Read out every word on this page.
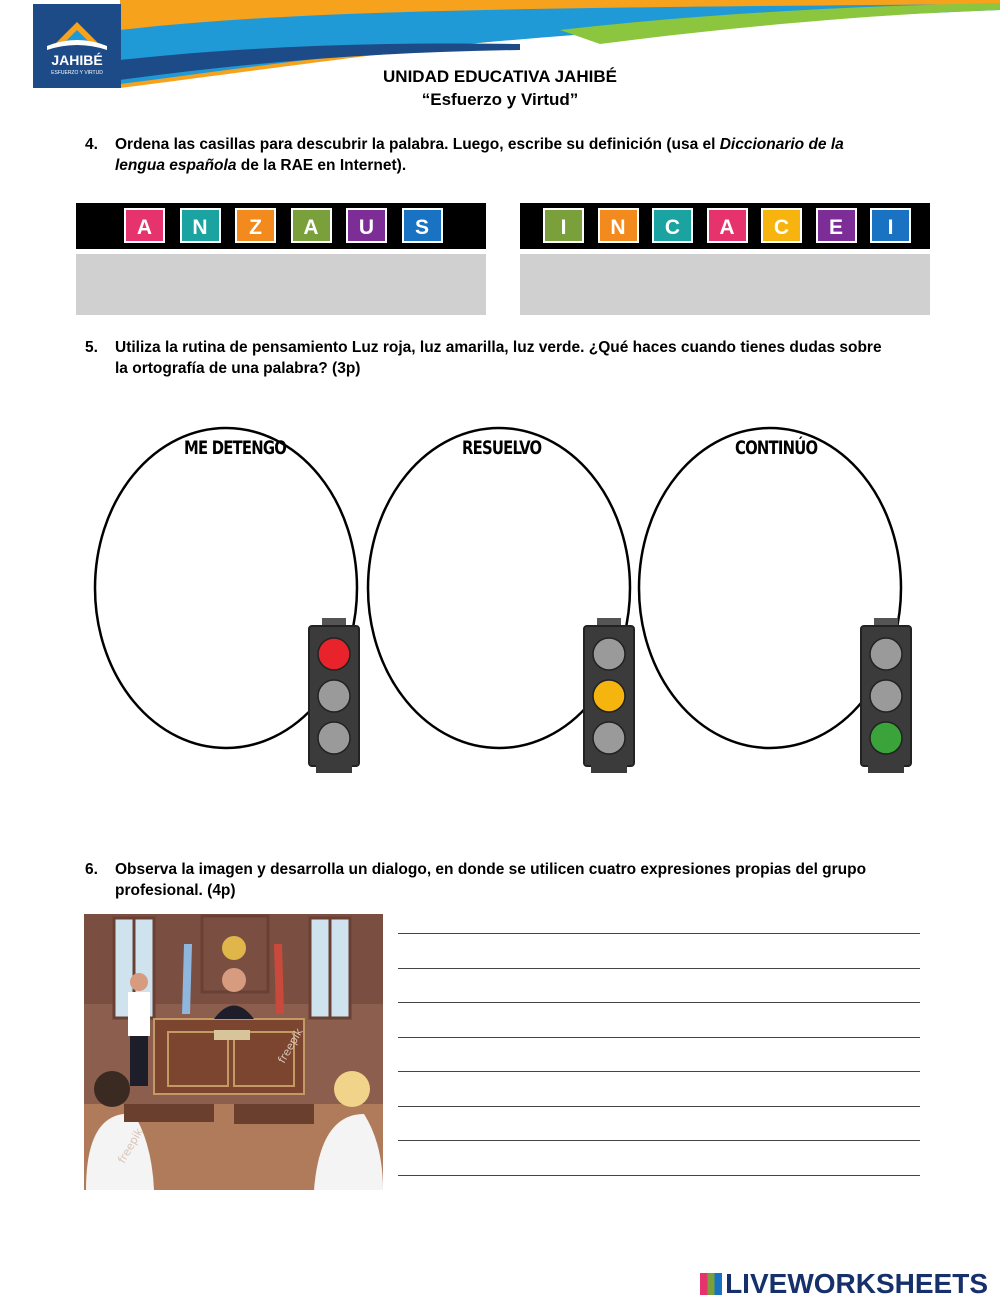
JAHIBÉ
ESFUERZO Y VIRTUD	UNIDAD EDUCATIVA JAHIBÉ
“Esfuerzo y Virtud”
4. Ordena las casillas para descubrir la palabra. Luego, escribe su definición (usa el Diccionario de la lengua española de la RAE en Internet).
A	N	Z	A	U	S	I	N	C	A	C	E	I
5. Utiliza la rutina de pensamiento Luz roja, luz amarilla, luz verde. ¿Qué haces cuando tienes dudas sobre la ortografía de una palabra? (3p)
ME DETENGO	RESUELVO	CONTINÚO
6. Observa la imagen y desarrolla un dialogo, en donde se utilicen cuatro expresiones propias del grupo profesional. (4p)
freepik
freepik
LIVEWORKSHEETS
